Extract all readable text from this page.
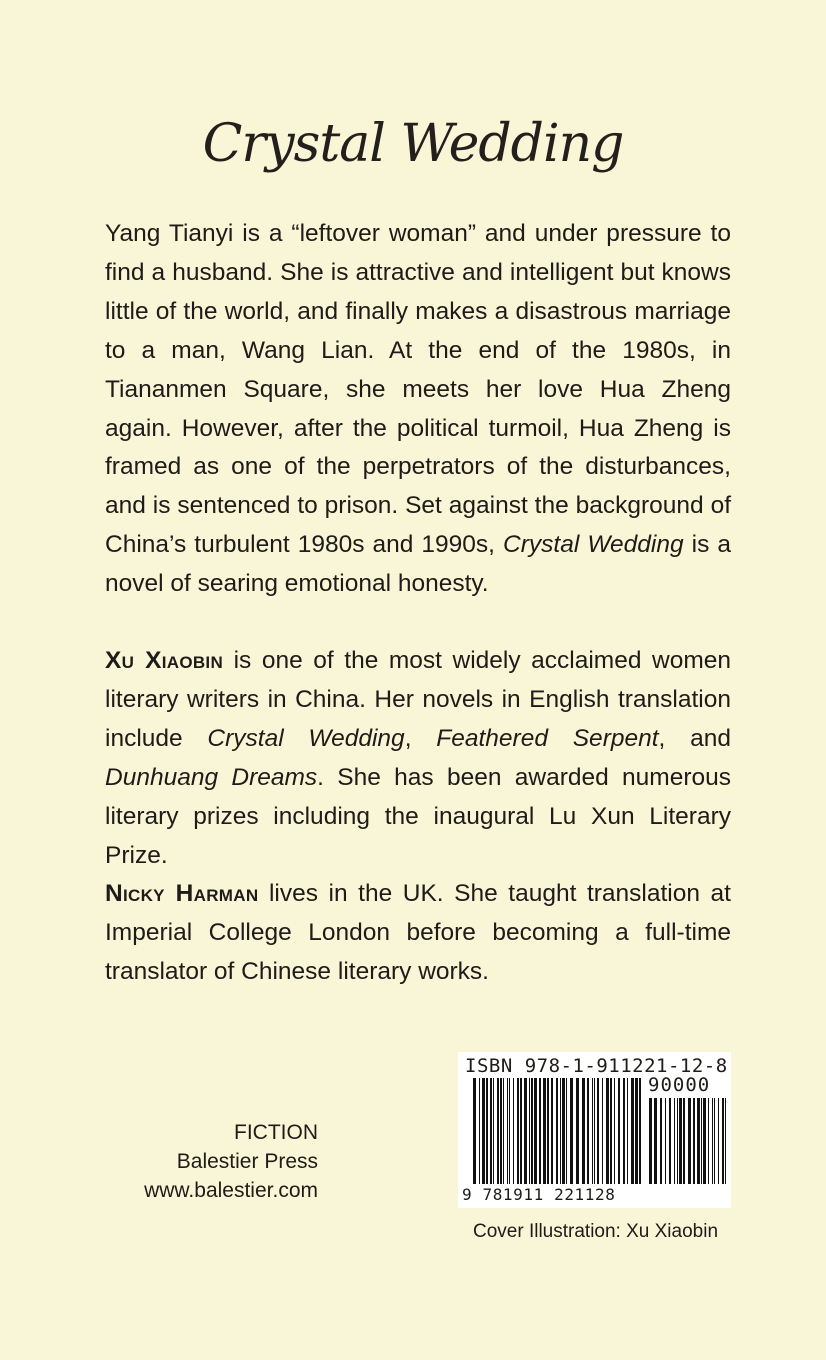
Crystal Wedding

Yang Tianyi is a “leftover woman” and under pressure to find a husband. She is attractive and intelligent but knows little of the world, and finally makes a disastrous marriage to a man, Wang Lian. At the end of the 1980s, in Tiananmen Square, she meets her love Hua Zheng again. However, after the political turmoil, Hua Zheng is framed as one of the perpetrators of the disturbances, and is sentenced to prison. Set against the background of China’s turbulent 1980s and 1990s, Crystal Wedding is a novel of searing emotional honesty.

Xu Xiaobin is one of the most widely acclaimed women literary writers in China. Her novels in English translation include Crystal Wedding, Feathered Serpent, and Dunhuang Dreams. She has been awarded numerous literary prizes including the inaugural Lu Xun Literary Prize.

Nicky Harman lives in the UK. She taught translation at Imperial College London before becoming a full-time translator of Chinese literary works.

FICTION
Balestier Press
www.balestier.com
ISBN 978-1-911221-12-8
90000
9 781911 221128
Cover Illustration: Xu Xiaobin
